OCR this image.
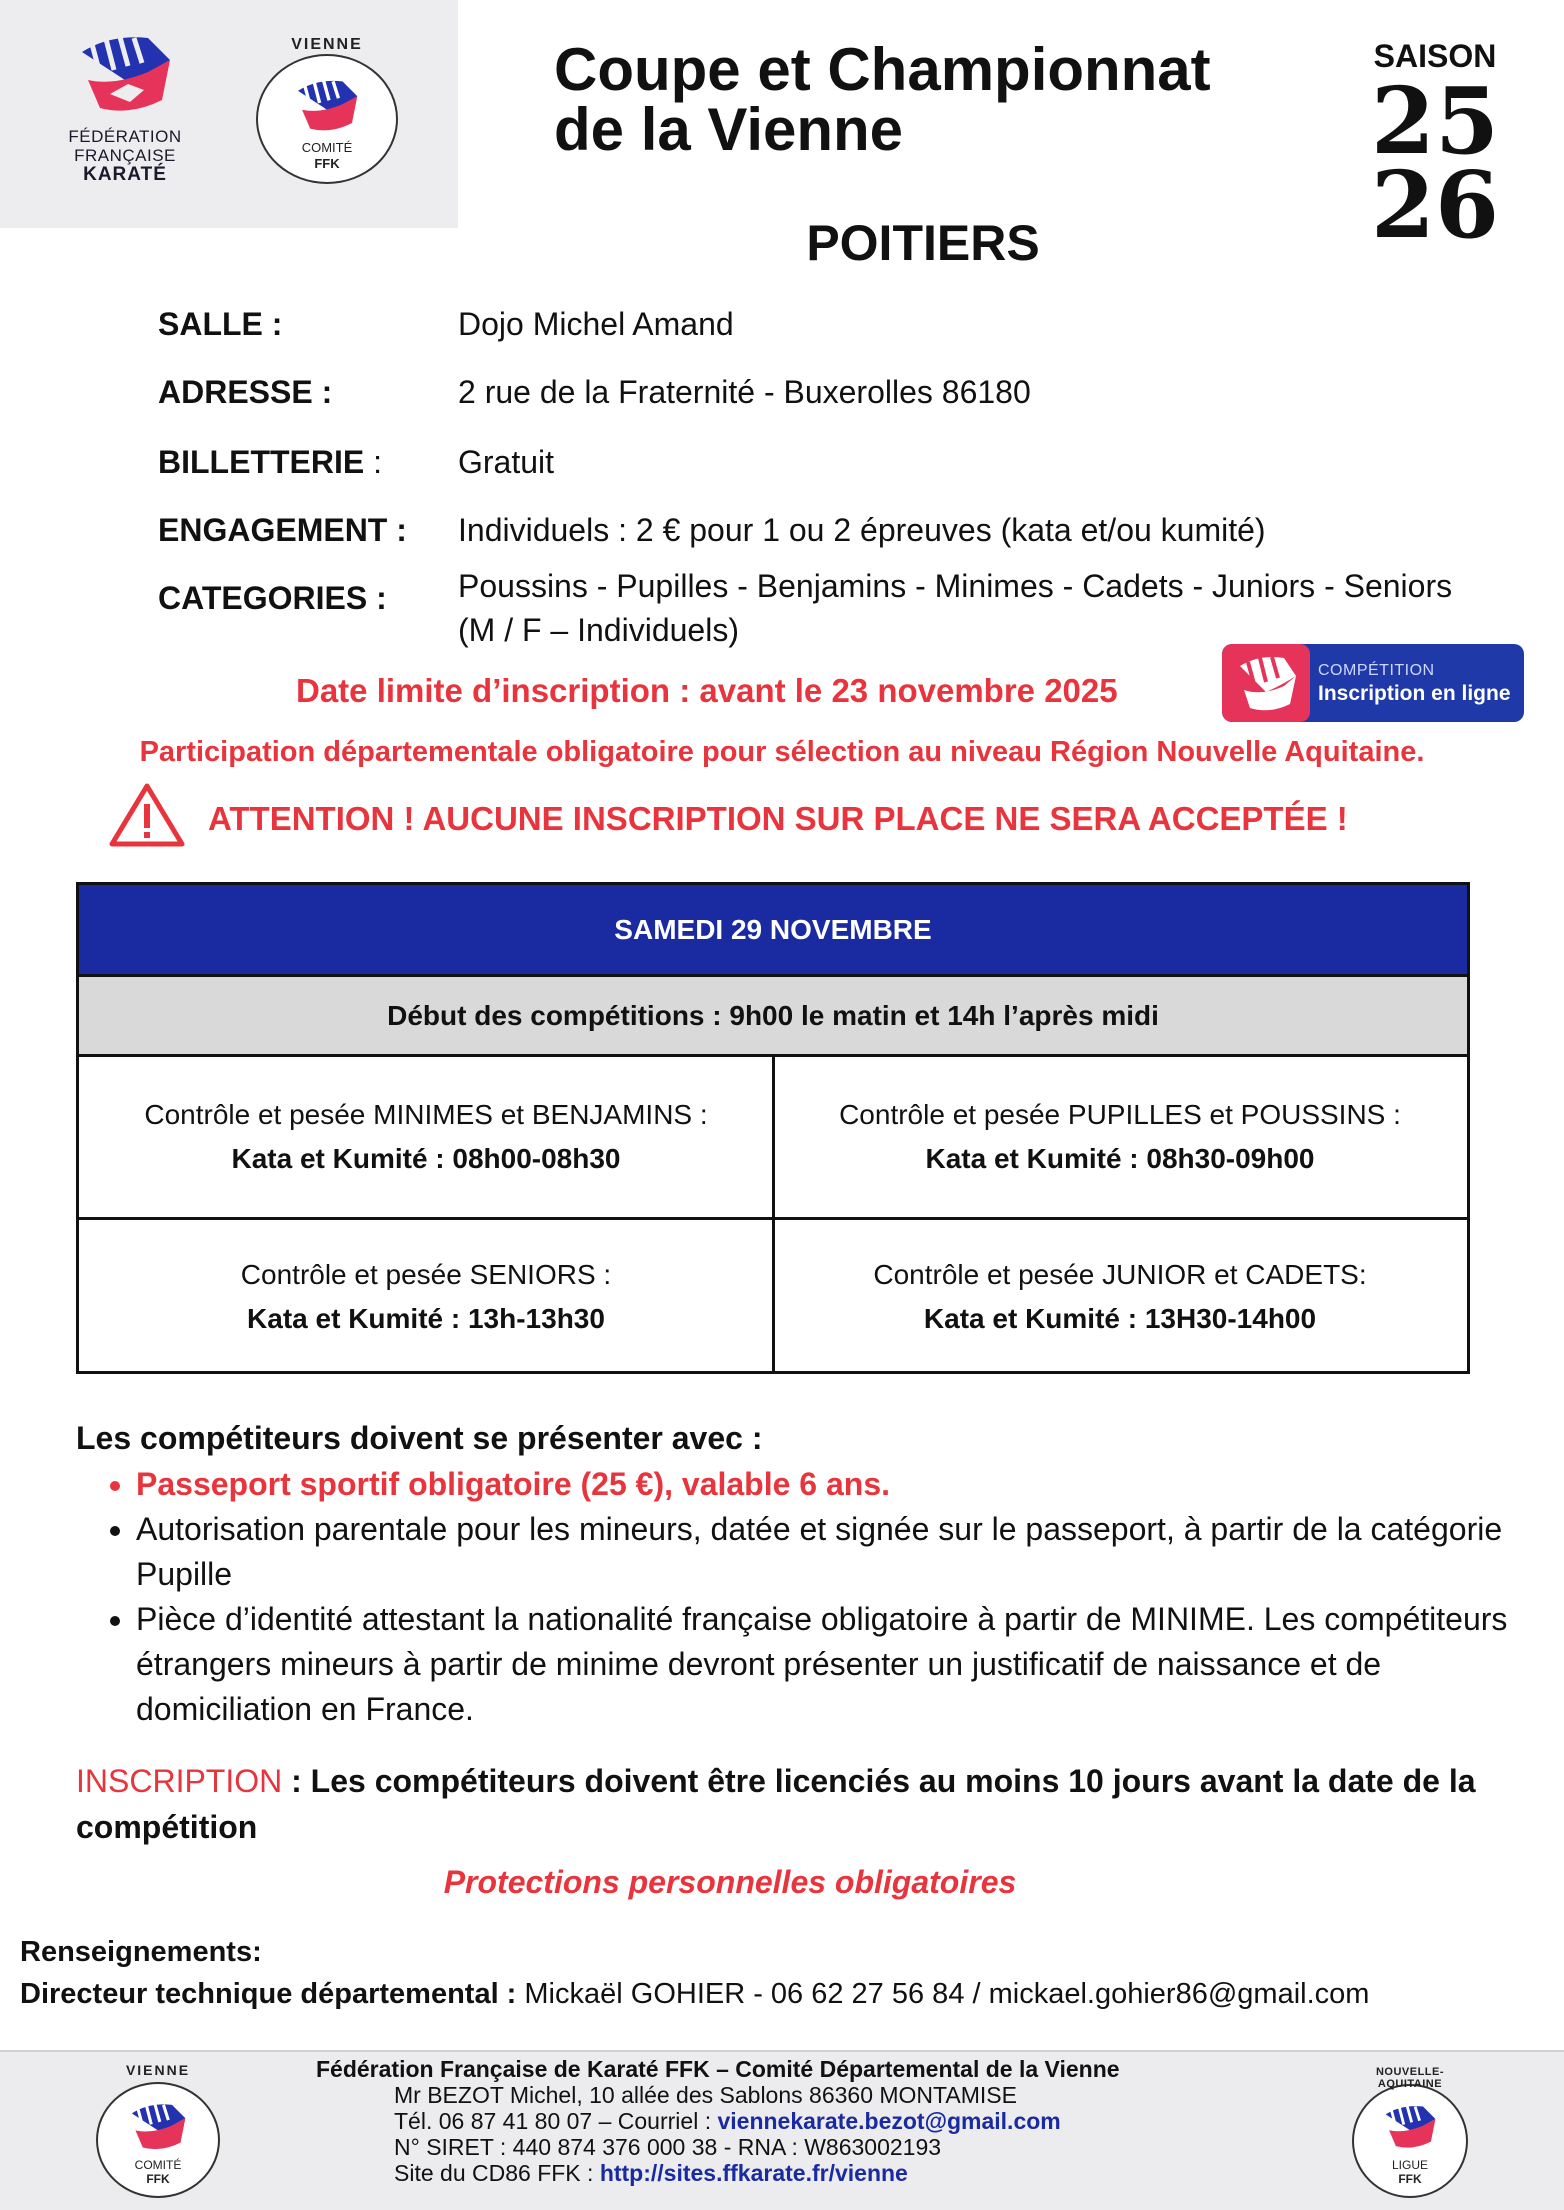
FÉDÉRATION
FRANÇAISE
KARATÉ
VIENNE
COMITÉ
FFK
Coupe et Championnat
de la Vienne
SAISON
25
26
POITIERS
SALLE :	Dojo Michel Amand
ADRESSE :	2 rue de la Fraternité - Buxerolles 86180
BILLETTERIE : Gratuit
ENGAGEMENT : Individuels : 2 € pour 1 ou 2 épreuves (kata et/ou kumité)
CATEGORIES : Poussins - Pupilles - Benjamins - Minimes - Cadets - Juniors - Seniors
(M / F – Individuels)
Date limite d’inscription : avant le 23 novembre 2025
COMPÉTITION
Inscription en ligne
Participation départementale obligatoire pour sélection au niveau Région Nouvelle Aquitaine.
ATTENTION ! AUCUNE INSCRIPTION SUR PLACE NE SERA ACCEPTÉE !
SAMEDI 29 NOVEMBRE
Début des compétitions : 9h00 le matin et 14h l’après midi
Contrôle et pesée MINIMES et BENJAMINS :
Kata et Kumité : 08h00-08h30
Contrôle et pesée PUPILLES et POUSSINS :
Kata et Kumité : 08h30-09h00
Contrôle et pesée SENIORS :
Kata et Kumité : 13h-13h30
Contrôle et pesée JUNIOR et CADETS:
Kata et Kumité : 13H30-14h00
Les compétiteurs doivent se présenter avec :
• Passeport sportif obligatoire (25 €), valable 6 ans.
• Autorisation parentale pour les mineurs, datée et signée sur le passeport, à partir de la catégorie Pupille
• Pièce d’identité attestant la nationalité française obligatoire à partir de MINIME. Les compétiteurs étrangers mineurs à partir de minime devront présenter un justificatif de naissance et de domiciliation en France.
INSCRIPTION : Les compétiteurs doivent être licenciés au moins 10 jours avant la date de la compétition
Protections personnelles obligatoires
Renseignements:
Directeur technique départemental : Mickaël GOHIER - 06 62 27 56 84 / mickael.gohier86@gmail.com
VIENNE
COMITÉ
FFK
Fédération Française de Karaté FFK – Comité Départemental de la Vienne
Mr BEZOT Michel, 10 allée des Sablons 86360 MONTAMISE
Tél. 06 87 41 80 07 – Courriel : viennekarate.bezot@gmail.com
N° SIRET : 440 874 376 000 38 - RNA : W863002193
Site du CD86 FFK : http://sites.ffkarate.fr/vienne
NOUVELLE-AQUITAINE
LIGUE
FFK
